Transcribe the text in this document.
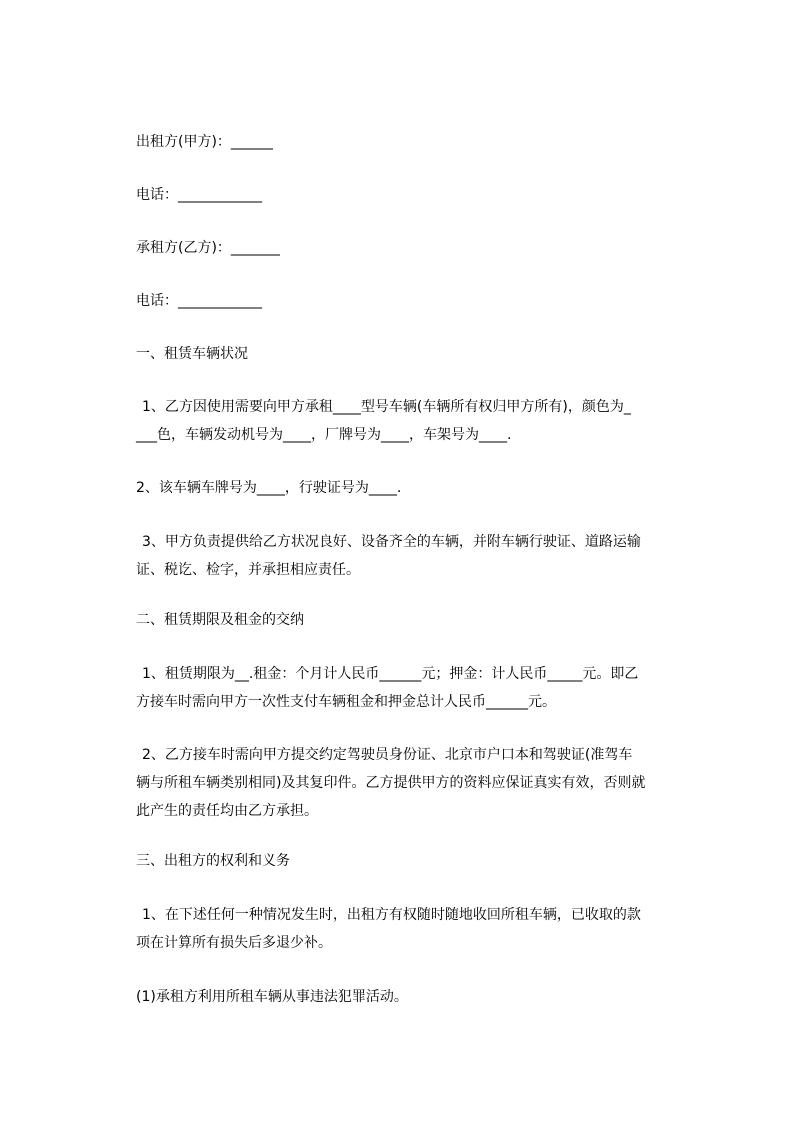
出租方(甲方)：______

电话：____________

承租方(乙方)：_______

电话：____________

一、租赁车辆状况

1、乙方因使用需要向甲方承租____型号车辆(车辆所有权归甲方所有)，颜色为_

___色，车辆发动机号为____，厂牌号为____，车架号为____.

2、该车辆车牌号为____，行驶证号为____.

3、甲方负责提供给乙方状况良好、设备齐全的车辆，并附车辆行驶证、道路运输

证、税讫、检字，并承担相应责任。

二、租赁期限及租金的交纳

1、租赁期限为__.租金：个月计人民币______元；押金：计人民币_____元。即乙

方接车时需向甲方一次性支付车辆租金和押金总计人民币______元。

2、乙方接车时需向甲方提交约定驾驶员身份证、北京市户口本和驾驶证(准驾车

辆与所租车辆类别相同)及其复印件。乙方提供甲方的资料应保证真实有效，否则就

此产生的责任均由乙方承担。

三、出租方的权利和义务

1、在下述任何一种情况发生时，出租方有权随时随地收回所租车辆，已收取的款

项在计算所有损失后多退少补。

(1)承租方利用所租车辆从事违法犯罪活动。
